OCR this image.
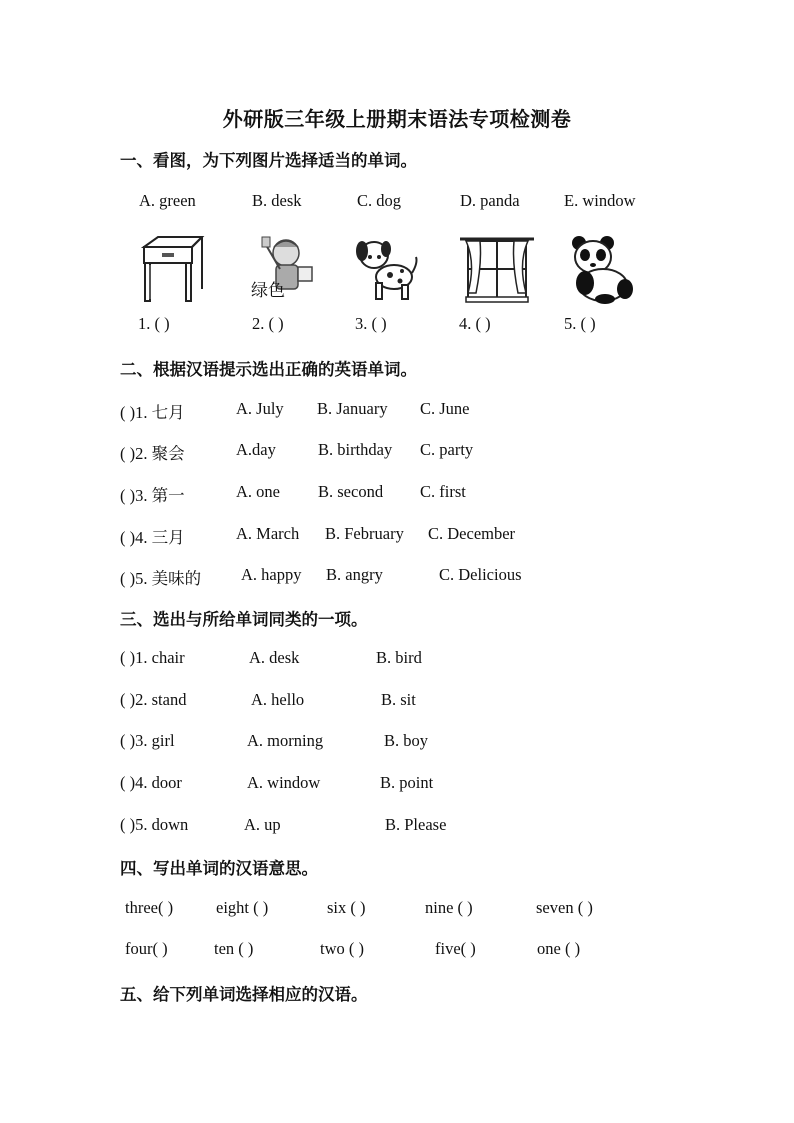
外研版三年级上册期末语法专项检测卷
一、看图，为下列图片选择适当的单词。
A. green	B. desk	C. dog	D. panda	E. window
绿色
1. ( )	2. ( )	3. ( )	4. ( )	5. ( )
二、根据汉语提示选出正确的英语单词。
( )1. 七月	A. July B. January C. June
( )2. 聚会	A.day	B. birthday C. party
( )3. 第一	A. one B. second C. first
( )4. 三月	A. March B. February C. December
( )5. 美味的 A. happy B. angry	C. Delicious
三、选出与所给单词同类的一项。
( )1. chair	A. desk	B. bird
( )2. stand	A. hello	B. sit
( )3. girl	A. morning	B. boy
( )4. door	A. window	B. point
( )5. down	A. up	B. Please
四、写出单词的汉语意思。
three( )	eight ( )	six ( )	nine ( )	seven ( )
four( )	ten ( )	two ( )	five( )	one ( )
五、给下列单词选择相应的汉语。
